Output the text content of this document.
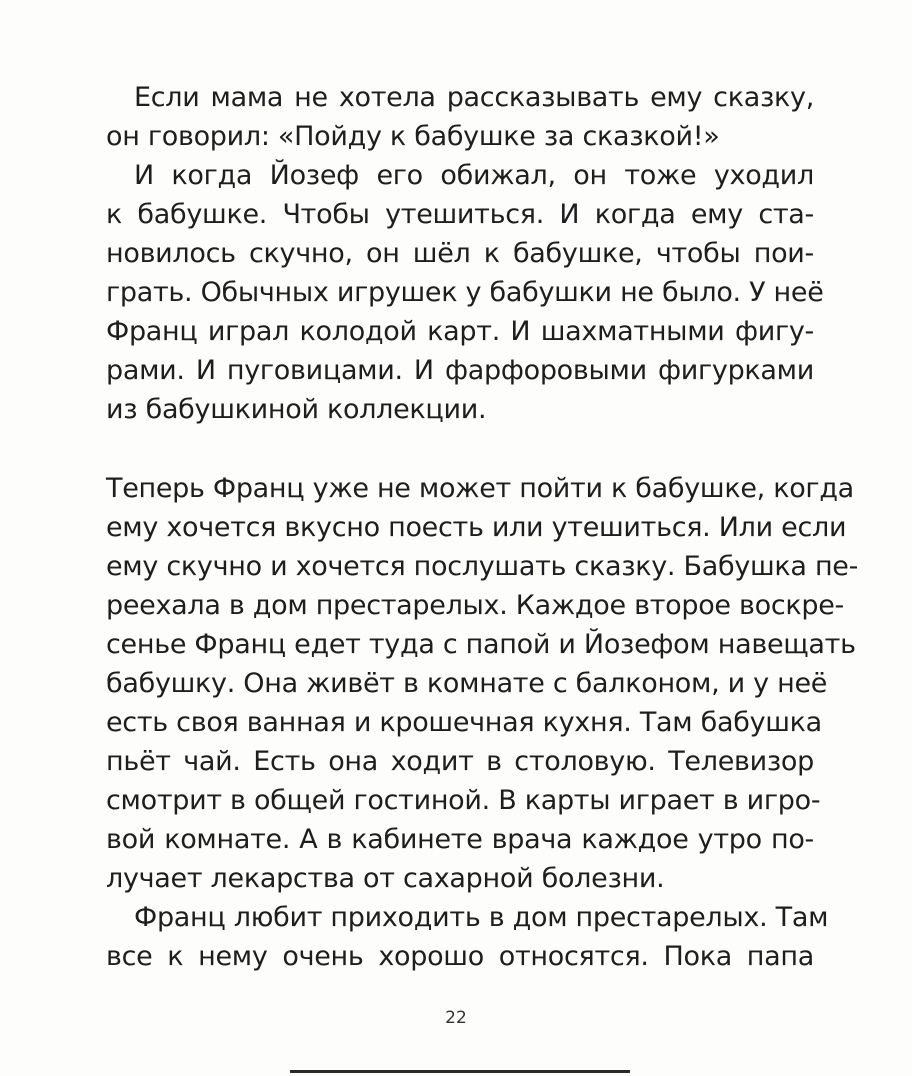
Если мама не хотела рассказывать ему сказку,
он говорил: «Пойду к бабушке за сказкой!»
И когда Йозеф его обижал, он тоже уходил
к бабушке. Чтобы утешиться. И когда ему ста-
новилось скучно, он шёл к бабушке, чтобы пои-
грать. Обычных игрушек у бабушки не было. У неё
Франц играл колодой карт. И шахматными фигу-
рами. И пуговицами. И фарфоровыми фигурками
из бабушкиной коллекции.
Теперь Франц уже не может пойти к бабушке, когда
ему хочется вкусно поесть или утешиться. Или если
ему скучно и хочется послушать сказку. Бабушка пе-
реехала в дом престарелых. Каждое второе воскре-
сенье Франц едет туда с папой и Йозефом навещать
бабушку. Она живёт в комнате с балконом, и у неё
есть своя ванная и крошечная кухня. Там бабушка
пьёт чай. Есть она ходит в столовую. Телевизор
смотрит в общей гостиной. В карты играет в игро-
вой комнате. А в кабинете врача каждое утро по-
лучает лекарства от сахарной болезни.
Франц любит приходить в дом престарелых. Там
все к нему очень хорошо относятся. Пока папа
22
